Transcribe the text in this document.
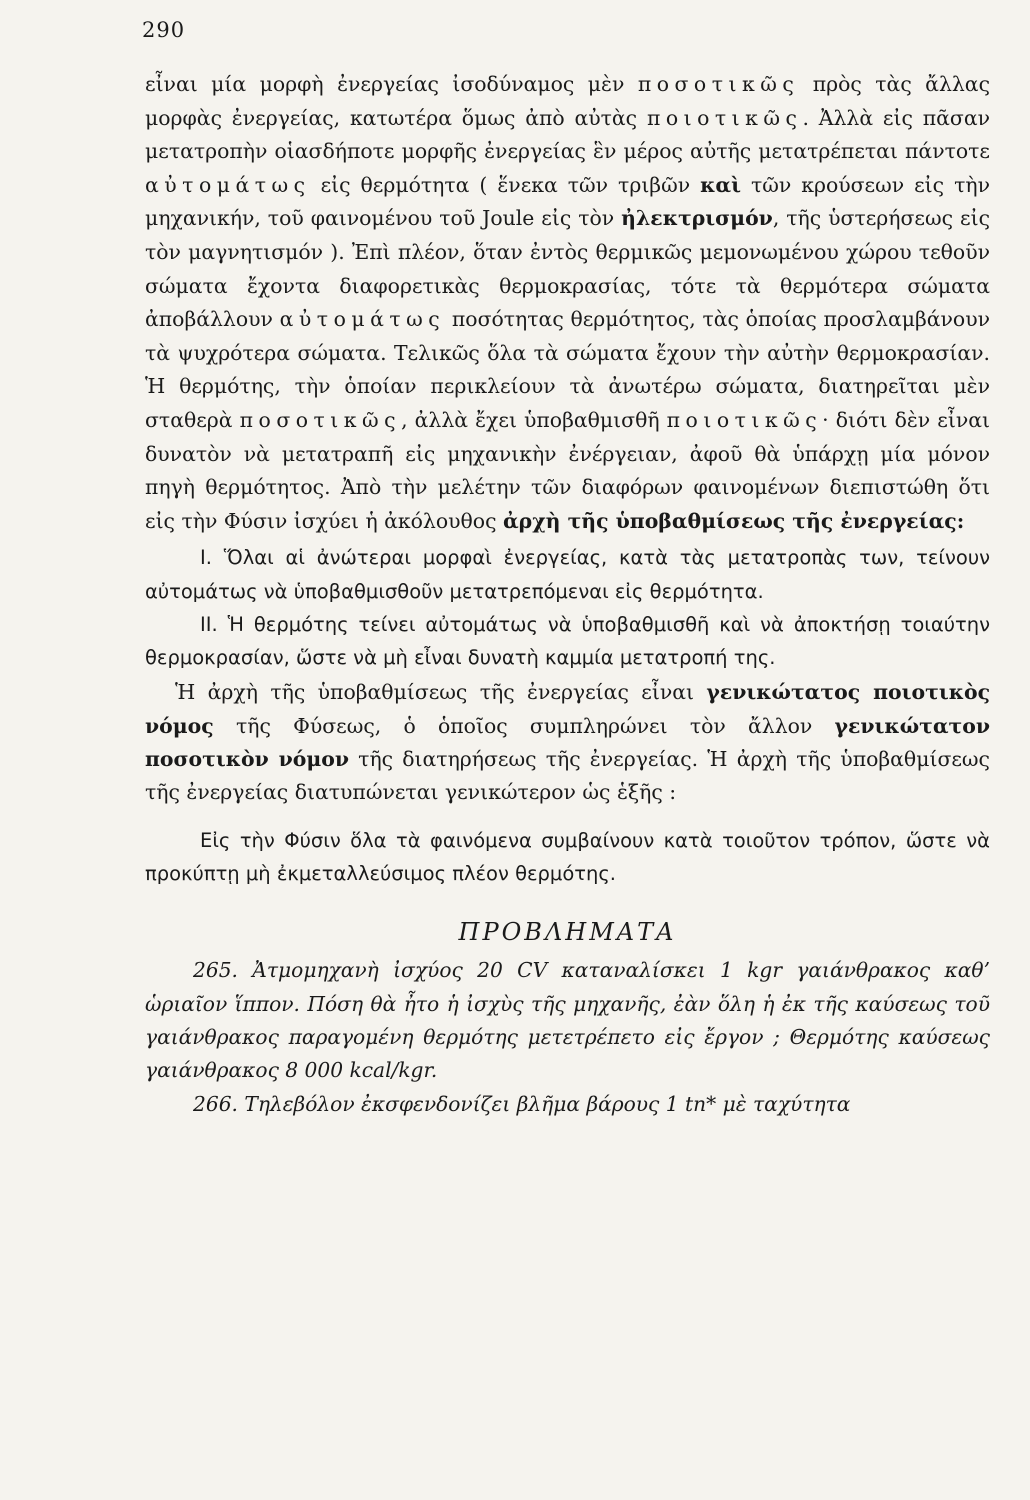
290

εἶναι μία μορφὴ ἐνεργείας ἰσοδύναμος μὲν ποσοτικῶς πρὸς τὰς ἄλλας μορφὰς ἐνεργείας, κατωτέρα ὅμως ἀπὸ αὐτὰς ποιοτικῶς. Ἀλλὰ εἰς πᾶσαν μετατροπὴν οἱασδήποτε μορφῆς ἐνεργείας ἓν μέρος αὐτῆς μετατρέπεται πάντοτε αὐτομάτως εἰς θερμότητα ( ἕνεκα τῶν τριβῶν καὶ τῶν κρούσεων εἰς τὴν μηχανικήν, τοῦ φαινομένου τοῦ Joule εἰς τὸν ἠλεκτρισμόν, τῆς ὑστερήσεως εἰς τὸν μαγνητισμόν ). Ἐπὶ πλέον, ὅταν ἐντὸς θερμικῶς μεμονωμένου χώρου τεθοῦν σώματα ἔχοντα διαφορετικὰς θερμοκρασίας, τότε τὰ θερμότερα σώματα ἀποβάλλουν αὐτομάτως ποσότητας θερμότητος, τὰς ὁποίας προσλαμβάνουν τὰ ψυχρότερα σώματα. Τελικῶς ὅλα τὰ σώματα ἔχουν τὴν αὐτὴν θερμοκρασίαν. Ἡ θερμότης, τὴν ὁποίαν περικλείουν τὰ ἀνωτέρω σώματα, διατηρεῖται μὲν σταθερὰ ποσοτικῶς, ἀλλὰ ἔχει ὑποβαθμισθῆ ποιοτικῶς· διότι δὲν εἶναι δυνατὸν νὰ μετατραπῆ εἰς μηχανικὴν ἐνέργειαν, ἀφοῦ θὰ ὑπάρχῃ μία μόνον πηγὴ θερμότητος. Ἀπὸ τὴν μελέτην τῶν διαφόρων φαινομένων διεπιστώθη ὅτι εἰς τὴν Φύσιν ἰσχύει ἡ ἀκόλουθος ἀρχὴ τῆς ὑποβαθμίσεως τῆς ἐνεργείας:

I. Ὅλαι αἱ ἀνώτεραι μορφαὶ ἐνεργείας, κατὰ τὰς μετατροπὰς των, τείνουν αὐτομάτως νὰ ὑποβαθμισθοῦν μετατρεπόμεναι εἰς θερμότητα.

II. Ἡ θερμότης τείνει αὐτομάτως νὰ ὑποβαθμισθῆ καὶ νὰ ἀποκτήσῃ τοιαύτην θερμοκρασίαν, ὥστε νὰ μὴ εἶναι δυνατὴ καμμία μετατροπή της.

Ἡ ἀρχὴ τῆς ὑποβαθμίσεως τῆς ἐνεργείας εἶναι γενικώτατος ποιοτικὸς νόμος τῆς Φύσεως, ὁ ὁποῖος συμπληρώνει τὸν ἄλλον γενικώτατον ποσοτικὸν νόμον τῆς διατηρήσεως τῆς ἐνεργείας. Ἡ ἀρχὴ τῆς ὑποβαθμίσεως τῆς ἐνεργείας διατυπώνεται γενικώτερον ὡς ἑξῆς :

Εἰς τὴν Φύσιν ὅλα τὰ φαινόμενα συμβαίνουν κατὰ τοιοῦτον τρόπον, ὥστε νὰ προκύπτῃ μὴ ἐκμεταλλεύσιμος πλέον θερμότης.

ΠΡΟΒΛΗΜΑΤΑ

265. Ἀτμομηχανὴ ἰσχύος 20 CV καταναλίσκει 1 kgr γαιάνθρακος καθ’ ὡριαῖον ἵππον. Πόση θὰ ἦτο ἡ ἰσχὺς τῆς μηχανῆς, ἐὰν ὅλη ἡ ἐκ τῆς καύσεως τοῦ γαιάνθρακος παραγομένη θερμότης μετετρέπετο εἰς ἔργον ; Θερμότης καύσεως γαιάνθρακος 8 000 kcal/kgr.

266. Τηλεβόλον ἐκσφενδονίζει βλῆμα βάρους 1 tn* μὲ ταχύτητα
